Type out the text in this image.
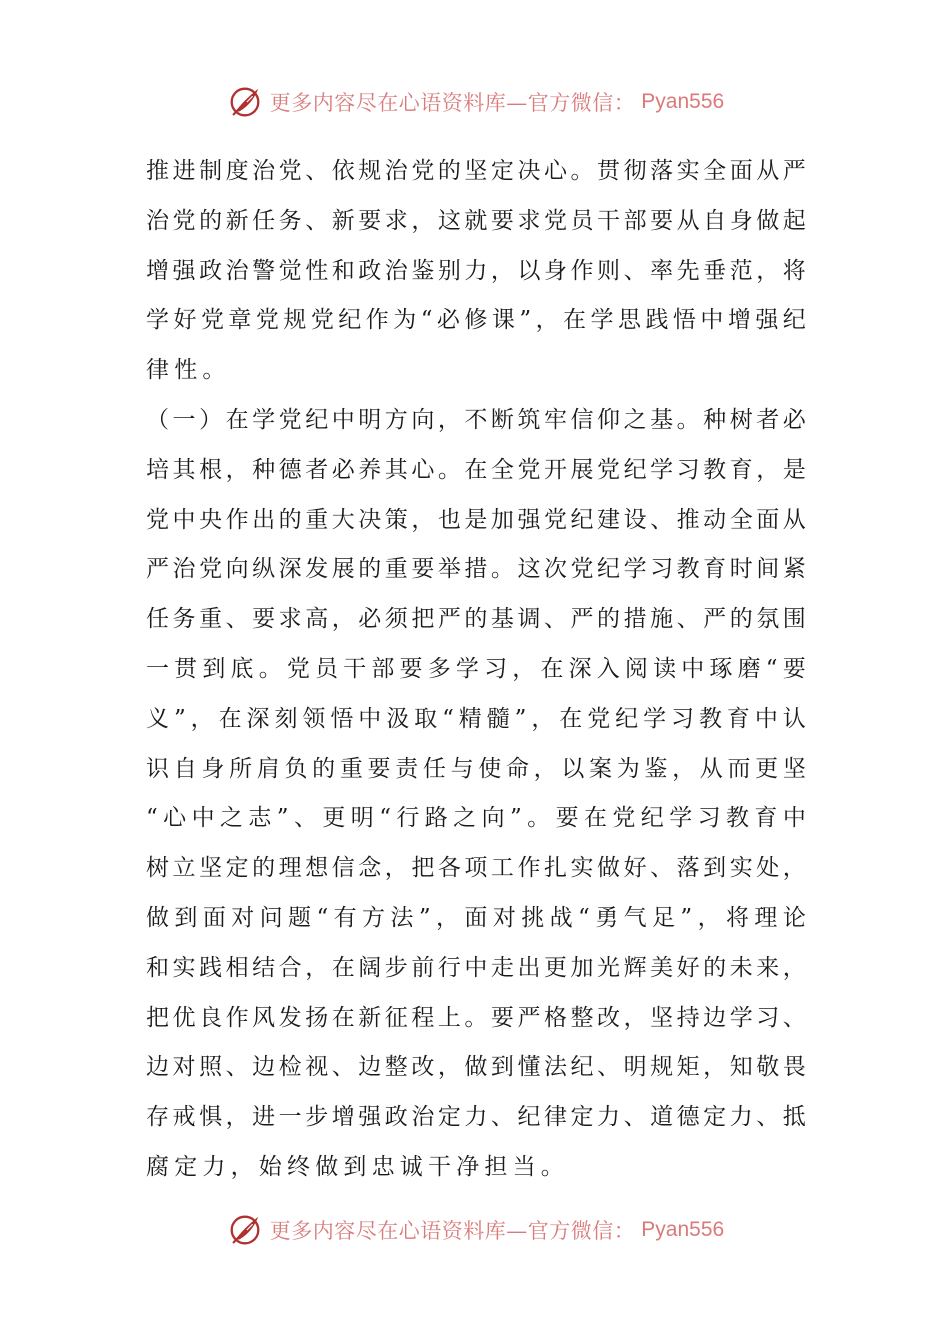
更多内容尽在心语资料库—官方微信： Pyan556
推 进 制 度 治 党 、 依 规 治 党 的 坚 定 决 心 。 贯 彻 落 实 全 面 从 严
治 党 的 新 任 务 、 新 要 求 ， 这 就 要 求 党 员 干 部 要 从 自 身 做 起
增 强 政 治 警 觉 性 和 政 治 鉴 别 力 ， 以 身 作 则 、 率 先 垂 范 ， 将
学 好 党 章 党 规 党 纪 作 为 “ 必 修 课 ” ， 在 学 思 践 悟 中 增 强 纪
律性。
（ 一 ） 在 学 党 纪 中 明 方 向 ， 不 断 筑 牢 信 仰 之 基 。 种 树 者 必
培 其 根 ， 种 德 者 必 养 其 心 。 在 全 党 开 展 党 纪 学 习 教 育 ， 是
党 中 央 作 出 的 重 大 决 策 ， 也 是 加 强 党 纪 建 设 、 推 动 全 面 从
严 治 党 向 纵 深 发 展 的 重 要 举 措 。 这 次 党 纪 学 习 教 育 时 间 紧
任 务 重 、 要 求 高 ， 必 须 把 严 的 基 调 、 严 的 措 施 、 严 的 氛 围
一 贯 到 底 。 党 员 干 部 要 多 学 习 ， 在 深 入 阅 读 中 琢 磨 “ 要
义 ” ， 在 深 刻 领 悟 中 汲 取 “ 精 髓 ” ， 在 党 纪 学 习 教 育 中 认
识 自 身 所 肩 负 的 重 要 责 任 与 使 命 ， 以 案 为 鉴 ， 从 而 更 坚
“ 心 中 之 志 ” 、 更 明 “ 行 路 之 向 ” 。 要 在 党 纪 学 习 教 育 中
树 立 坚 定 的 理 想 信 念 ， 把 各 项 工 作 扎 实 做 好 、 落 到 实 处 ，
做 到 面 对 问 题 “ 有 方 法 ” ， 面 对 挑 战 “ 勇 气 足 ” ， 将 理 论
和 实 践 相 结 合 ， 在 阔 步 前 行 中 走 出 更 加 光 辉 美 好 的 未 来 ，
把 优 良 作 风 发 扬 在 新 征 程 上 。 要 严 格 整 改 ， 坚 持 边 学 习 、
边 对 照 、 边 检 视 、 边 整 改 ， 做 到 懂 法 纪 、 明 规 矩 ， 知 敬 畏
存 戒 惧 ， 进 一 步 增 强 政 治 定 力 、 纪 律 定 力 、 道 德 定 力 、 抵
腐定力，始终做到忠诚干净担当。
更多内容尽在心语资料库—官方微信： Pyan556
